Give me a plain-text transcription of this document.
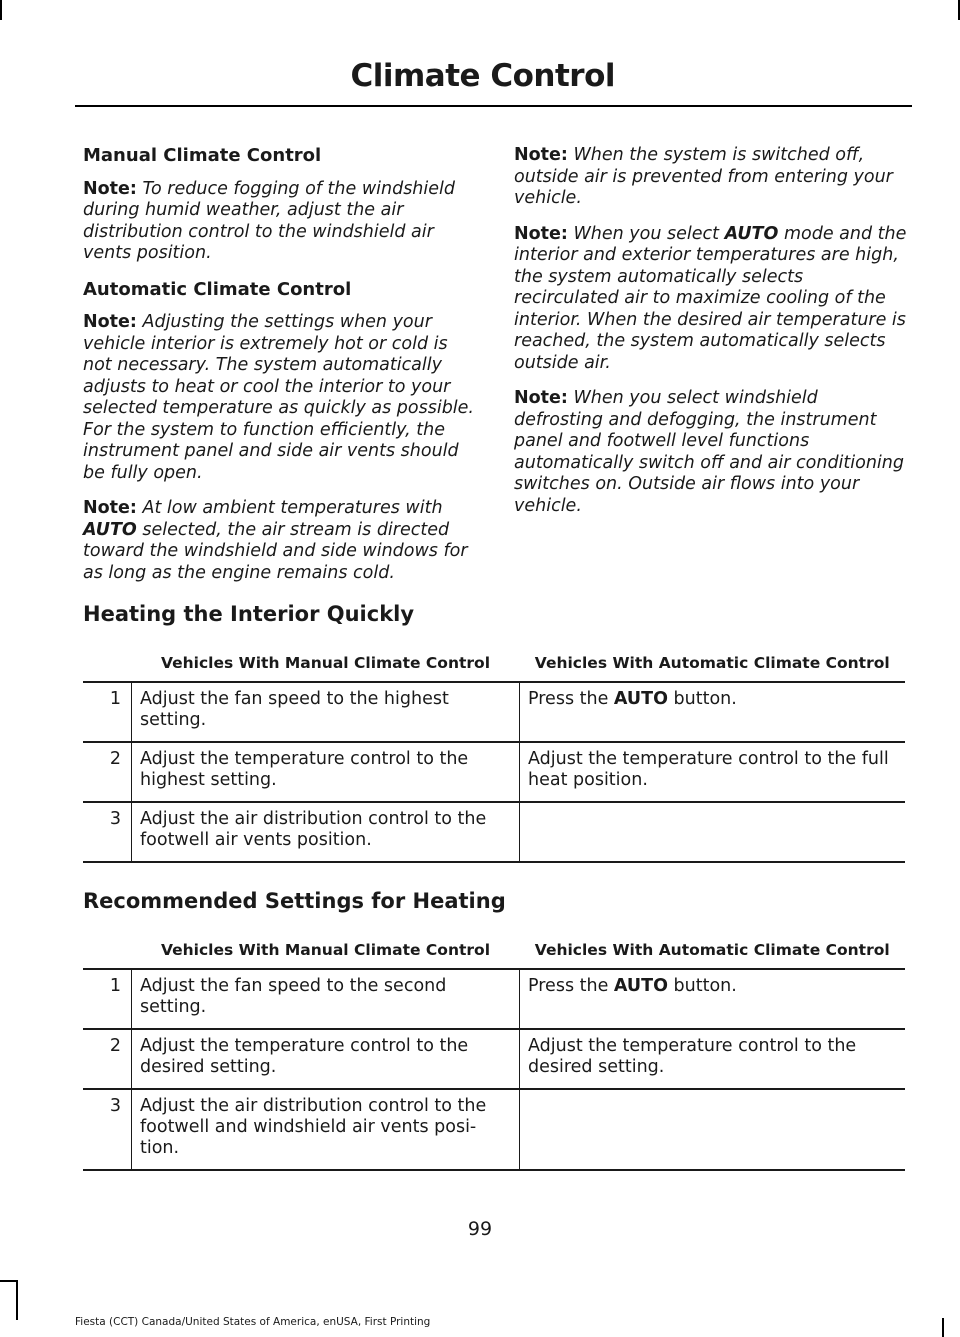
Climate Control
Manual Climate Control

Note: To reduce fogging of the windshield during humid weather, adjust the air distribution control to the windshield air vents position.

Automatic Climate Control

Note: Adjusting the settings when your vehicle interior is extremely hot or cold is not necessary. The system automatically adjusts to heat or cool the interior to your selected temperature as quickly as possible. For the system to function efficiently, the instrument panel and side air vents should be fully open.

Note: At low ambient temperatures with AUTO selected, the air stream is directed toward the windshield and side windows for as long as the engine remains cold.

Note: When the system is switched off, outside air is prevented from entering your vehicle.

Note: When you select AUTO mode and the interior and exterior temperatures are high, the system automatically selects recirculated air to maximize cooling of the interior. When the desired air temperature is reached, the system automatically selects outside air.

Note: When you select windshield defrosting and defogging, the instrument panel and footwell level functions automatically switch off and air conditioning switches on. Outside air flows into your vehicle.

Heating the Interior Quickly
	Vehicles With Manual Climate Control	Vehicles With Automatic Climate Control
1	Adjust the fan speed to the highest setting.	Press the AUTO button.
2	Adjust the temperature control to the highest setting.	Adjust the temperature control to the full heat position.
3	Adjust the air distribution control to the footwell air vents position.	
Recommended Settings for Heating
	Vehicles With Manual Climate Control	Vehicles With Automatic Climate Control
1	Adjust the fan speed to the second setting.	Press the AUTO button.
2	Adjust the temperature control to the desired setting.	Adjust the temperature control to the desired setting.
3	Adjust the air distribution control to the footwell and windshield air vents posi-tion.	
99
Fiesta (CCT) Canada/United States of America, enUSA, First Printing
